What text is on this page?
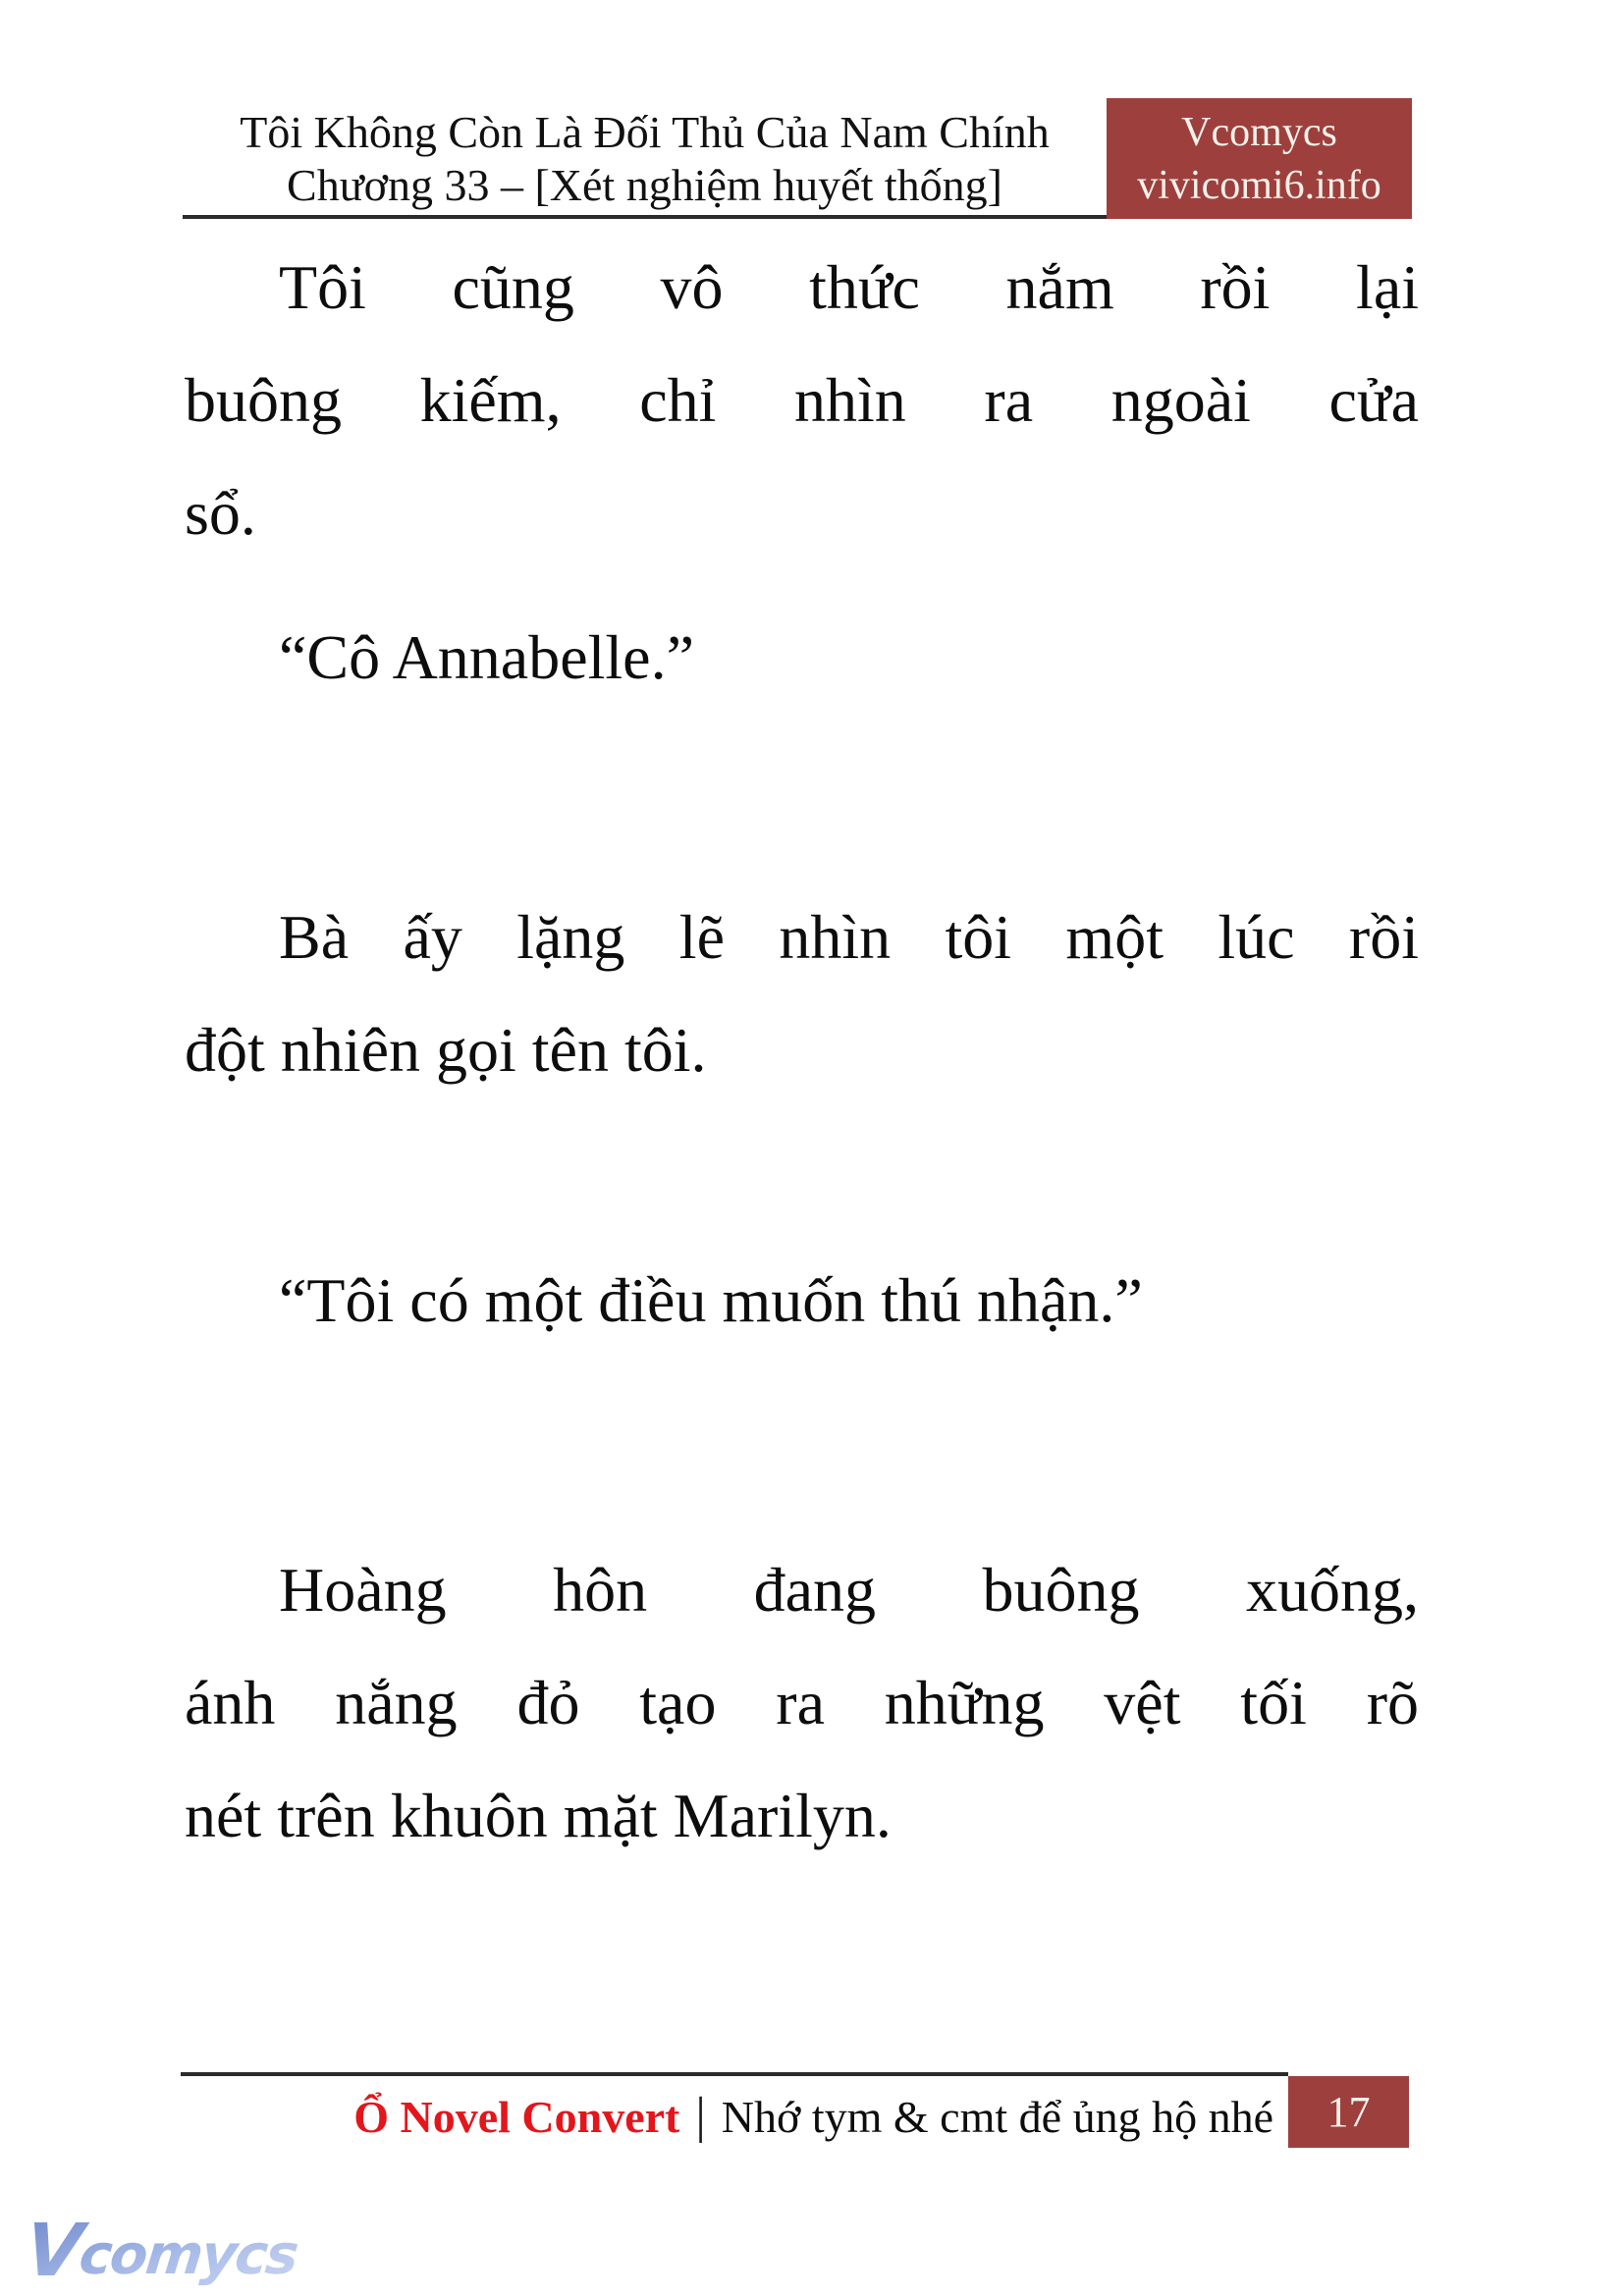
Tôi Không Còn Là Đối Thủ Của Nam Chính
Chương 33 – [Xét nghiệm huyết thống]
Vcomycs
vivicomi6.info
Tôi cũng vô thức nắm rồi lại
buông kiếm, chỉ nhìn ra ngoài cửa
sổ.
“Cô Annabelle.”
Bà ấy lặng lẽ nhìn tôi một lúc rồi
đột nhiên gọi tên tôi.
“Tôi có một điều muốn thú nhận.”
Hoàng hôn đang buông xuống,
ánh nắng đỏ tạo ra những vệt tối rõ
nét trên khuôn mặt Marilyn.
Ổ Novel Convert | Nhớ tym & cmt để ủng hộ nhé 17
V
comycs
